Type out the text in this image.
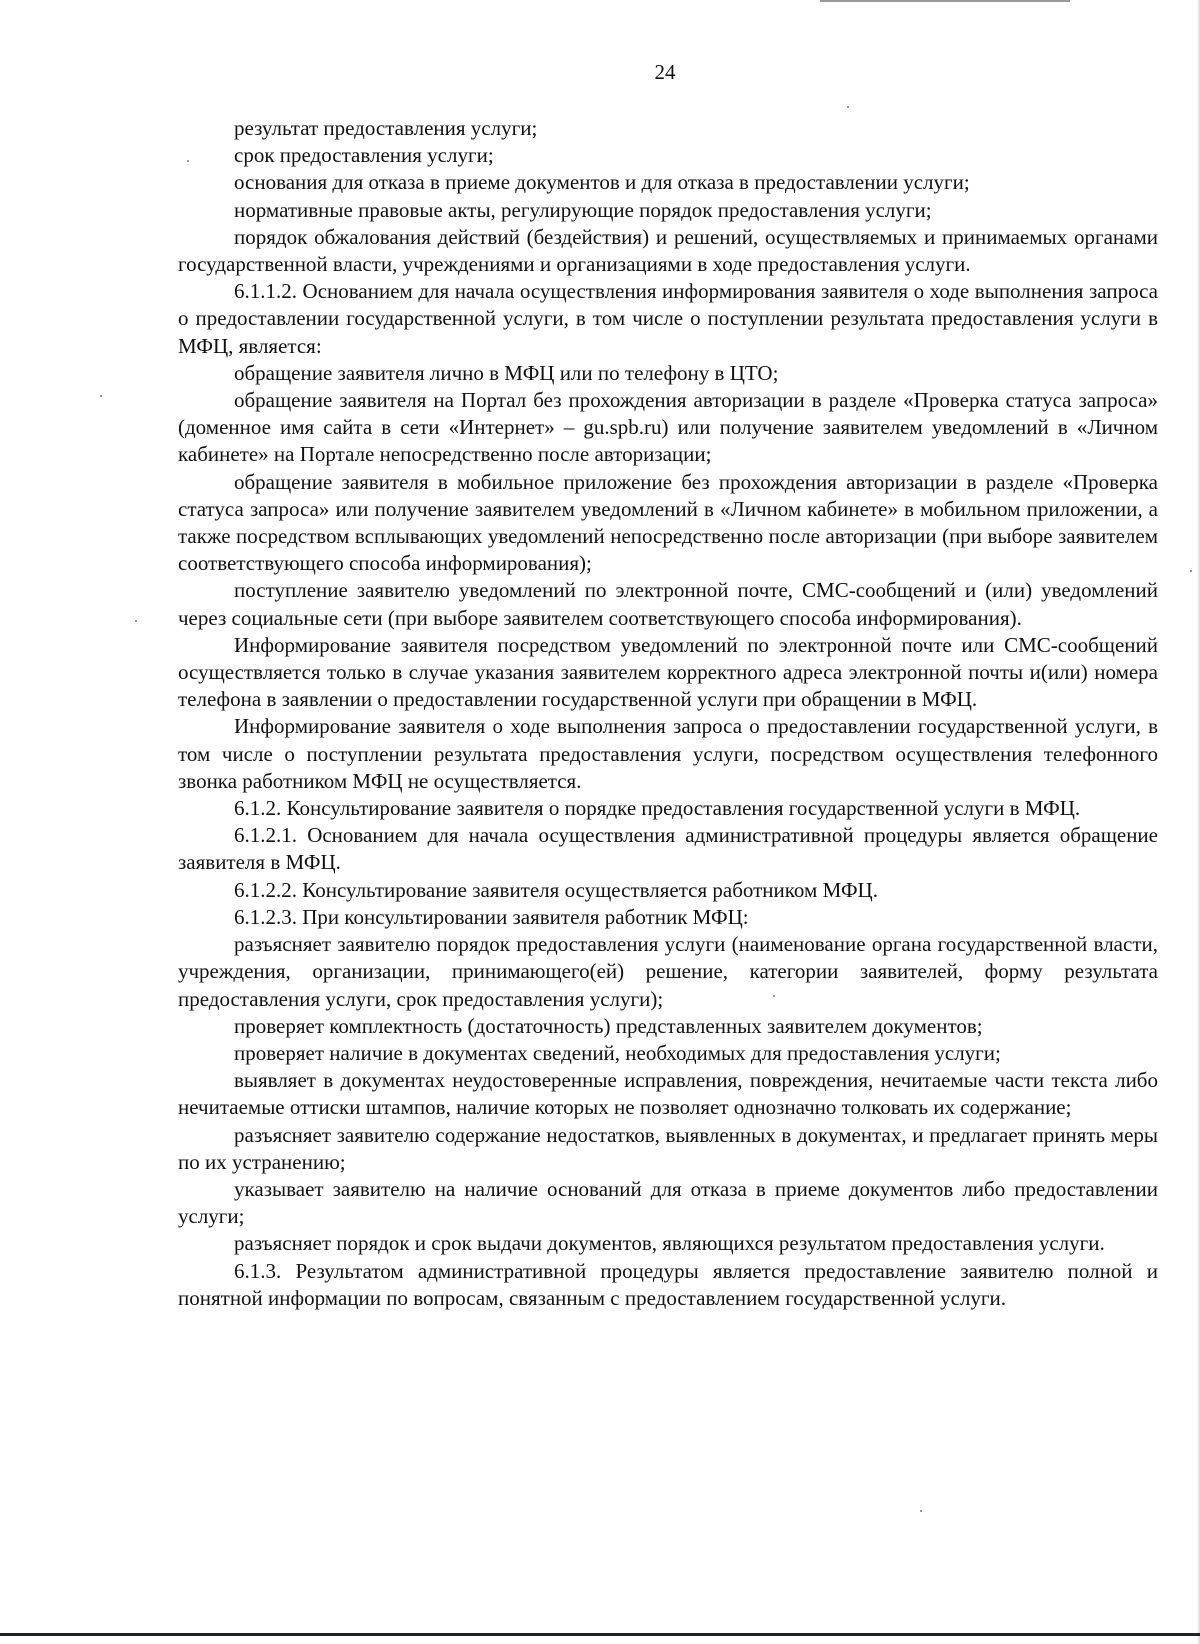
24

результат предоставления услуги;

срок предоставления услуги;

основания для отказа в приеме документов и для отказа в предоставлении услуги;

нормативные правовые акты, регулирующие порядок предоставления услуги;

порядок обжалования действий (бездействия) и решений, осуществляемых и принимаемых органами государственной власти, учреждениями и организациями в ходе предоставления услуги.

6.1.1.2. Основанием для начала осуществления информирования заявителя о ходе выполнения запроса о предоставлении государственной услуги, в том числе о поступлении результата предоставления услуги в МФЦ, является:

обращение заявителя лично в МФЦ или по телефону в ЦТО;

обращение заявителя на Портал без прохождения авторизации в разделе «Проверка статуса запроса» (доменное имя сайта в сети «Интернет» – gu.spb.ru) или получение заявителем уведомлений в «Личном кабинете» на Портале непосредственно после авторизации;

обращение заявителя в мобильное приложение без прохождения авторизации в разделе «Проверка статуса запроса» или получение заявителем уведомлений в «Личном кабинете» в мобильном приложении, а также посредством всплывающих уведомлений непосредственно после авторизации (при выборе заявителем соответствующего способа информирования);

поступление заявителю уведомлений по электронной почте, СМС-сообщений и (или) уведомлений через социальные сети (при выборе заявителем соответствующего способа информирования).

Информирование заявителя посредством уведомлений по электронной почте или СМС-сообщений осуществляется только в случае указания заявителем корректного адреса электронной почты и(или) номера телефона в заявлении о предоставлении государственной услуги при обращении в МФЦ.

Информирование заявителя о ходе выполнения запроса о предоставлении государственной услуги, в том числе о поступлении результата предоставления услуги, посредством осуществления телефонного звонка работником МФЦ не осуществляется.

6.1.2. Консультирование заявителя о порядке предоставления государственной услуги в МФЦ.

6.1.2.1. Основанием для начала осуществления административной процедуры является обращение заявителя в МФЦ.

6.1.2.2. Консультирование заявителя осуществляется работником МФЦ.

6.1.2.3. При консультировании заявителя работник МФЦ:

разъясняет заявителю порядок предоставления услуги (наименование органа государственной власти, учреждения, организации, принимающего(ей) решение, категории заявителей, форму результата предоставления услуги, срок предоставления услуги);

проверяет комплектность (достаточность) представленных заявителем документов;

проверяет наличие в документах сведений, необходимых для предоставления услуги;

выявляет в документах неудостоверенные исправления, повреждения, нечитаемые части текста либо нечитаемые оттиски штампов, наличие которых не позволяет однозначно толковать их содержание;

разъясняет заявителю содержание недостатков, выявленных в документах, и предлагает принять меры по их устранению;

указывает заявителю на наличие оснований для отказа в приеме документов либо предоставлении услуги;

разъясняет порядок и срок выдачи документов, являющихся результатом предоставления услуги.

6.1.3. Результатом административной процедуры является предоставление заявителю полной и понятной информации по вопросам, связанным с предоставлением государственной услуги.
